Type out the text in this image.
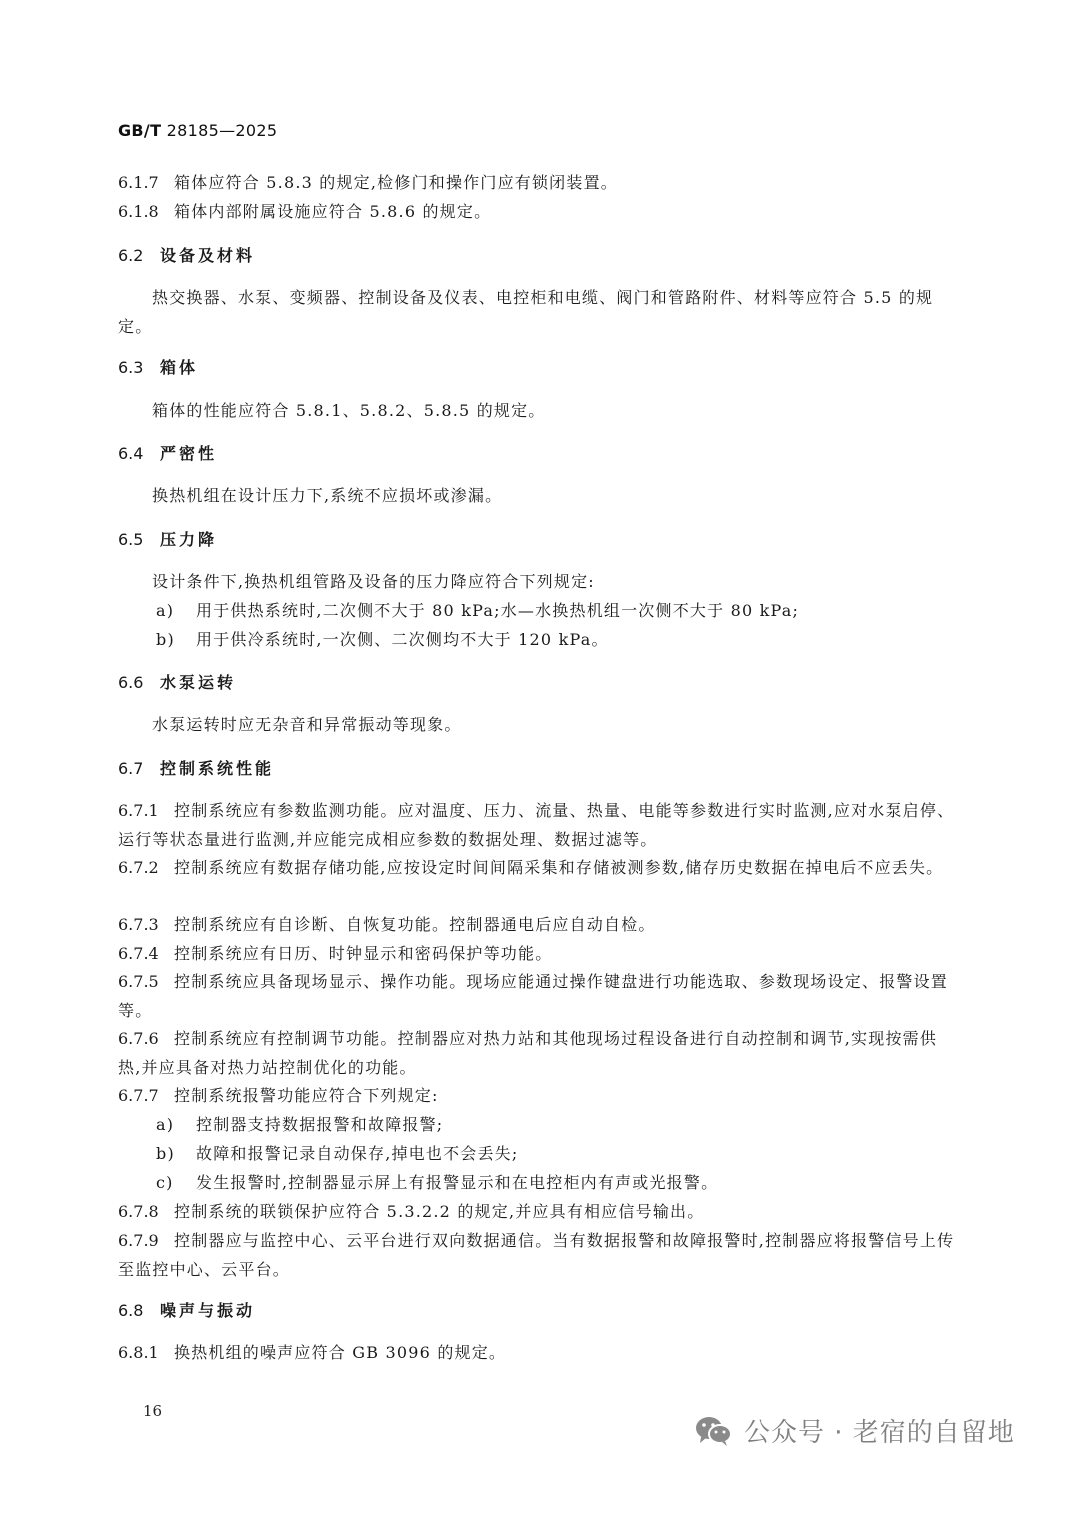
GB/T 28185—2025
6.1.7 箱体应符合 5.8.3 的规定,检修门和操作门应有锁闭装置。
6.1.8 箱体内部附属设施应符合 5.8.6 的规定。
6.2 设备及材料
热交换器、水泵、变频器、控制设备及仪表、电控柜和电缆、阀门和管路附件、材料等应符合 5.5 的规定。
6.3 箱体
箱体的性能应符合 5.8.1、5.8.2、5.8.5 的规定。
6.4 严密性
换热机组在设计压力下,系统不应损坏或渗漏。
6.5 压力降
设计条件下,换热机组管路及设备的压力降应符合下列规定:
a) 用于供热系统时,二次侧不大于 80 kPa;水—水换热机组一次侧不大于 80 kPa;
b) 用于供冷系统时,一次侧、二次侧均不大于 120 kPa。
6.6 水泵运转
水泵运转时应无杂音和异常振动等现象。
6.7 控制系统性能
6.7.1 控制系统应有参数监测功能。应对温度、压力、流量、热量、电能等参数进行实时监测,应对水泵启停、运行等状态量进行监测,并应能完成相应参数的数据处理、数据过滤等。
6.7.2 控制系统应有数据存储功能,应按设定时间间隔采集和存储被测参数,储存历史数据在掉电后不应丢失。
6.7.3 控制系统应有自诊断、自恢复功能。控制器通电后应自动自检。
6.7.4 控制系统应有日历、时钟显示和密码保护等功能。
6.7.5 控制系统应具备现场显示、操作功能。现场应能通过操作键盘进行功能选取、参数现场设定、报警设置等。
6.7.6 控制系统应有控制调节功能。控制器应对热力站和其他现场过程设备进行自动控制和调节,实现按需供热,并应具备对热力站控制优化的功能。
6.7.7 控制系统报警功能应符合下列规定:
a) 控制器支持数据报警和故障报警;
b) 故障和报警记录自动保存,掉电也不会丢失;
c) 发生报警时,控制器显示屏上有报警显示和在电控柜内有声或光报警。
6.7.8 控制系统的联锁保护应符合 5.3.2.2 的规定,并应具有相应信号输出。
6.7.9 控制器应与监控中心、云平台进行双向数据通信。当有数据报警和故障报警时,控制器应将报警信号上传至监控中心、云平台。
6.8 噪声与振动
6.8.1 换热机组的噪声应符合 GB 3096 的规定。
16
公众号 · 老宿的自留地
